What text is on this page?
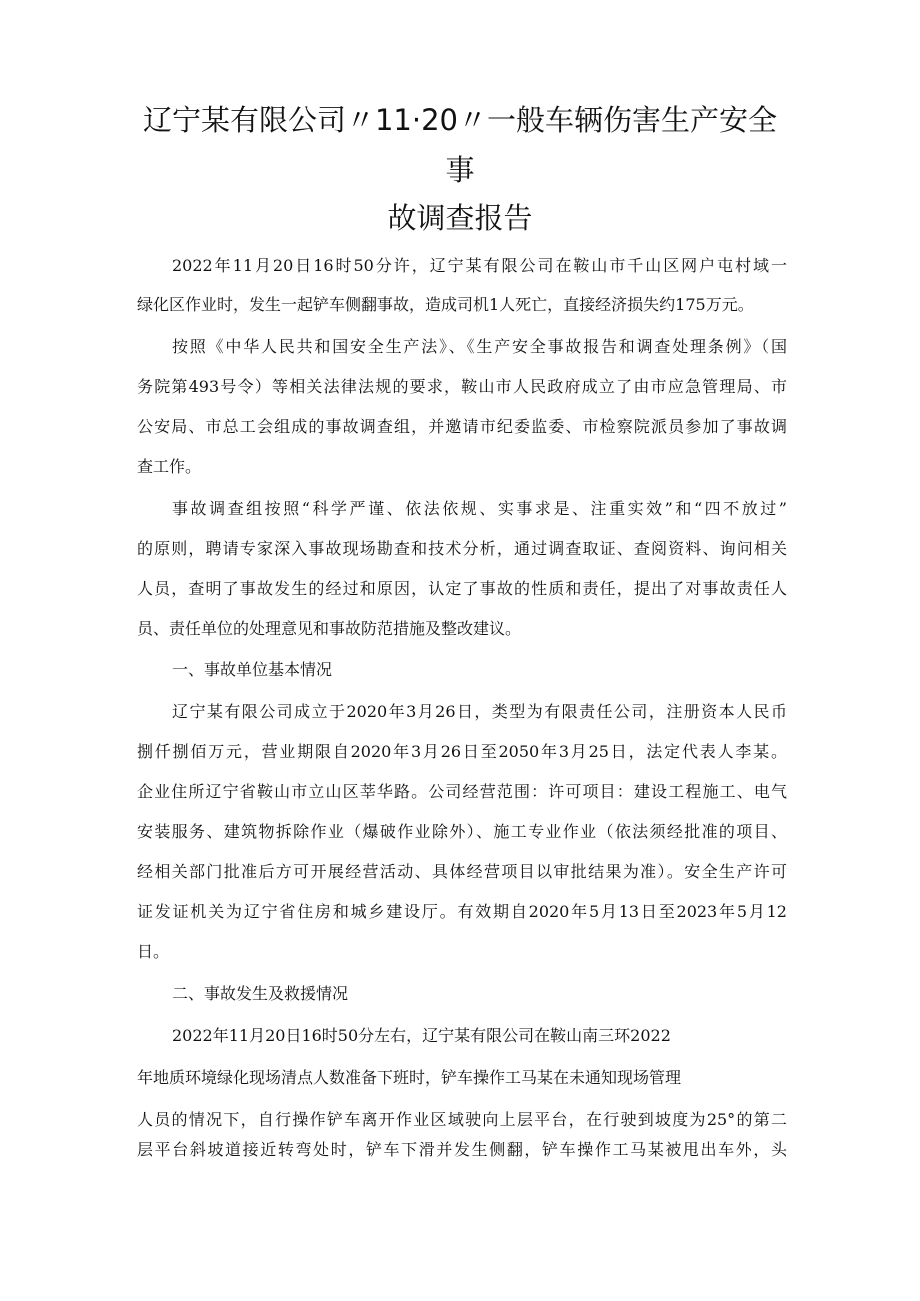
辽宁某有限公司〃11·20〃一般车辆伤害生产安全
事
故调查报告
2022年11月20日16时50分许，辽宁某有限公司在鞍山市千山区网户屯村域一
绿化区作业时，发生一起铲车侧翻事故，造成司机1人死亡，直接经济损失约175万元。
按照《中华人民共和国安全生产法》、《生产安全事故报告和调查处理条例》（国
务院第493号令）等相关法律法规的要求，鞍山市人民政府成立了由市应急管理局、市
公安局、市总工会组成的事故调查组，并邀请市纪委监委、市检察院派员参加了事故调
查工作。
事故调查组按照“科学严谨、依法依规、实事求是、注重实效”和“四不放过”
的原则，聘请专家深入事故现场勘查和技术分析，通过调查取证、查阅资料、询问相关
人员，查明了事故发生的经过和原因，认定了事故的性质和责任，提出了对事故责任人
员、责任单位的处理意见和事故防范措施及整改建议。
一、事故单位基本情况
辽宁某有限公司成立于2020年3月26日，类型为有限责任公司，注册资本人民币
捌仟捌佰万元，营业期限自2020年3月26日至2050年3月25日，法定代表人李某。
企业住所辽宁省鞍山市立山区莘华路。公司经营范围：许可项目：建设工程施工、电气
安装服务、建筑物拆除作业（爆破作业除外）、施工专业作业（依法须经批准的项目、
经相关部门批准后方可开展经营活动、具体经营项目以审批结果为准）。安全生产许可
证发证机关为辽宁省住房和城乡建设厅。有效期自2020年5月13日至2023年5月12
日。
二、事故发生及救援情况
2022年11月20日16时50分左右，辽宁某有限公司在鞍山南三环2022
年地质环境绿化现场清点人数准备下班时，铲车操作工马某在未通知现场管理
人员的情况下，自行操作铲车离开作业区域驶向上层平台，在行驶到坡度为25°的第二
层平台斜坡道接近转弯处时，铲车下滑并发生侧翻，铲车操作工马某被甩出车外，头
